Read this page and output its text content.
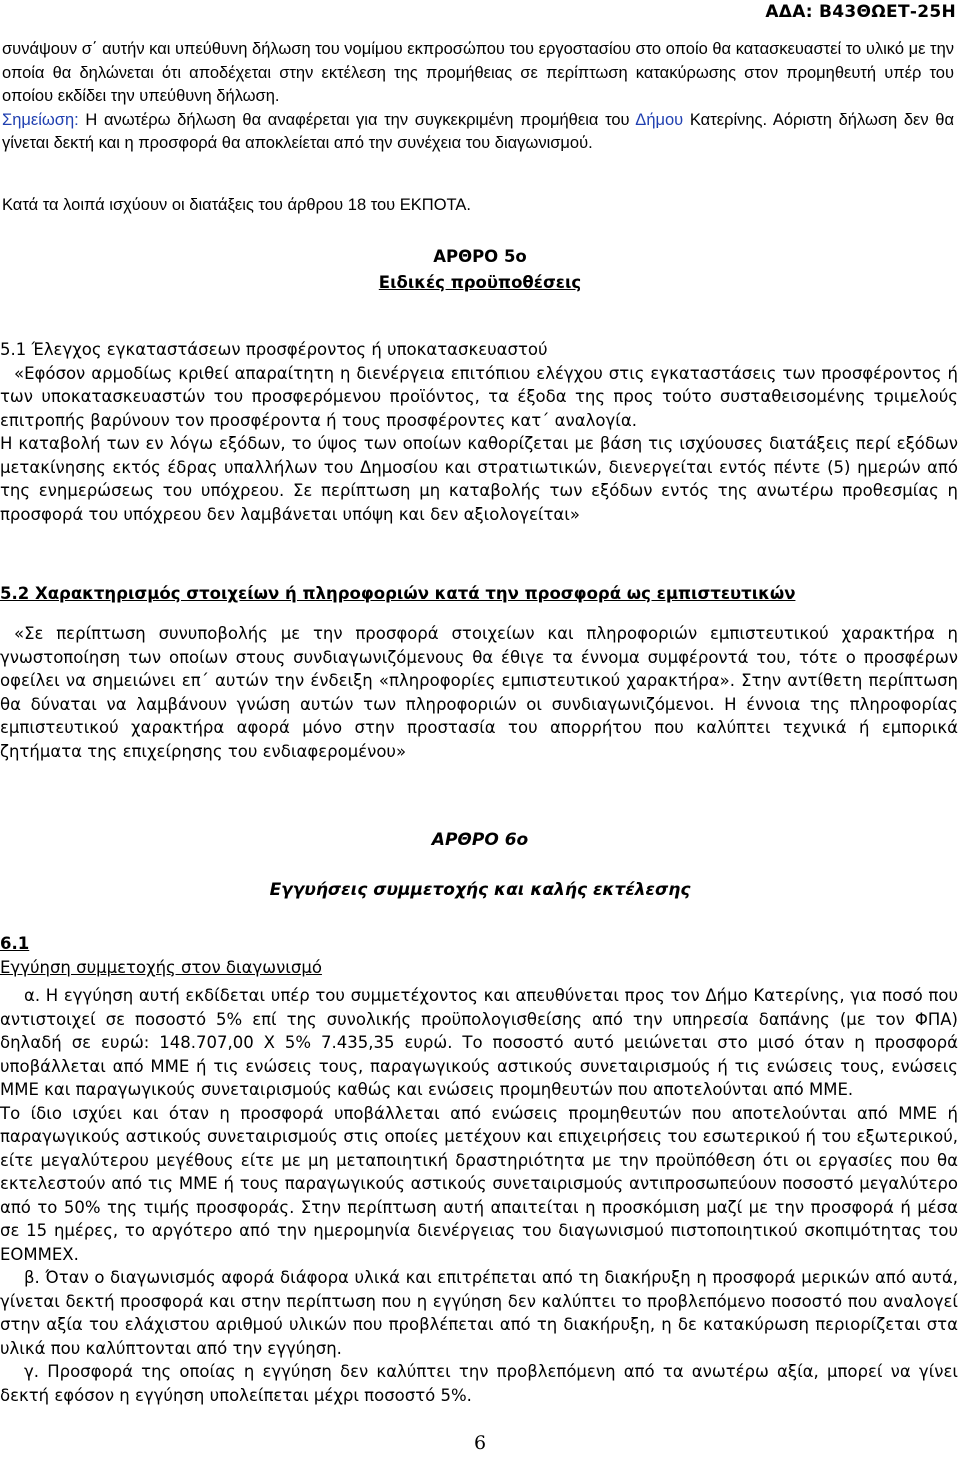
ΑΔΑ: Β43ΘΩΕΤ-25Η

συνάψουν σ΄ αυτήν και υπεύθυνη δήλωση του νομίμου εκπροσώπου του εργοστασίου στο οποίο θα κατασκευαστεί το υλικό με την οποία θα δηλώνεται ότι αποδέχεται στην εκτέλεση της προμήθειας σε περίπτωση κατακύρωσης στον προμηθευτή υπέρ του οποίου εκδίδει την υπεύθυνη δήλωση.

Σημείωση: Η ανωτέρω δήλωση θα αναφέρεται για την συγκεκριμένη προμήθεια του Δήμου Κατερίνης. Αόριστη δήλωση δεν θα γίνεται δεκτή και η προσφορά θα αποκλείεται από την συνέχεια του διαγωνισμού.

Κατά τα λοιπά ισχύουν οι διατάξεις του άρθρου 18 του ΕΚΠΟΤΑ.
ΑΡΘΡΟ 5ο
Ειδικές προϋποθέσεις

5.1 Έλεγχος εγκαταστάσεων προσφέροντος ή υποκατασκευαστού

«Εφόσον αρμοδίως κριθεί απαραίτητη η διενέργεια επιτόπιου ελέγχου στις εγκαταστάσεις των προσφέροντος ή των υποκατασκευαστών του προσφερόμενου προϊόντος, τα έξοδα της προς τούτο συσταθεισομένης τριμελούς επιτροπής βαρύνουν τον προσφέροντα ή τους προσφέροντες κατ΄ αναλογία.

Η καταβολή των εν λόγω εξόδων, το ύψος των οποίων καθορίζεται με βάση τις ισχύουσες διατάξεις περί εξόδων μετακίνησης εκτός έδρας υπαλλήλων του Δημοσίου και στρατιωτικών, διενεργείται εντός πέντε (5) ημερών από της ενημερώσεως του υπόχρεου. Σε περίπτωση μη καταβολής των εξόδων εντός της ανωτέρω προθεσμίας η προσφορά του υπόχρεου δεν λαμβάνεται υπόψη και δεν αξιολογείται»

5.2 Χαρακτηρισμός στοιχείων ή πληροφοριών κατά την προσφορά ως εμπιστευτικών

«Σε περίπτωση συνυποβολής με την προσφορά στοιχείων και πληροφοριών εμπιστευτικού χαρακτήρα η γνωστοποίηση των οποίων στους συνδιαγωνιζόμενους θα έθιγε τα έννομα συμφέροντά του, τότε ο προσφέρων οφείλει να σημειώνει επ΄ αυτών την ένδειξη «πληροφορίες εμπιστευτικού χαρακτήρα». Στην αντίθετη περίπτωση θα δύναται να λαμβάνουν γνώση αυτών των πληροφοριών οι συνδιαγωνιζόμενοι. Η έννοια της πληροφορίας εμπιστευτικού χαρακτήρα αφορά μόνο στην προστασία του απορρήτου που καλύπτει τεχνικά ή εμπορικά ζητήματα της επιχείρησης του ενδιαφερομένου»

ΑΡΘΡΟ 6ο
Εγγυήσεις συμμετοχής και καλής εκτέλεσης
6.1
Εγγύηση συμμετοχής στον διαγωνισμό

α. Η εγγύηση αυτή εκδίδεται υπέρ του συμμετέχοντος και απευθύνεται προς τον Δήμο Κατερίνης, για ποσό που αντιστοιχεί σε ποσοστό 5% επί της συνολικής προϋπολογισθείσης από την υπηρεσία δαπάνης (με τον ΦΠΑ) δηλαδή σε ευρώ: 148.707,00 Χ 5% 7.435,35 ευρώ. Το ποσοστό αυτό μειώνεται στο μισό όταν η προσφορά υποβάλλεται από ΜΜΕ ή τις ενώσεις τους, παραγωγικούς αστικούς συνεταιρισμούς ή τις ενώσεις τους, ενώσεις ΜΜΕ και παραγωγικούς συνεταιρισμούς καθώς και ενώσεις προμηθευτών που αποτελούνται από ΜΜΕ.

Το ίδιο ισχύει και όταν η προσφορά υποβάλλεται από ενώσεις προμηθευτών που αποτελούνται από ΜΜΕ ή παραγωγικούς αστικούς συνεταιρισμούς στις οποίες μετέχουν και επιχειρήσεις του εσωτερικού ή του εξωτερικού, είτε μεγαλύτερου μεγέθους είτε με μη μεταποιητική δραστηριότητα με την προϋπόθεση ότι οι εργασίες που θα εκτελεστούν από τις ΜΜΕ ή τους παραγωγικούς αστικούς συνεταιρισμούς αντιπροσωπεύουν ποσοστό μεγαλύτερο από το 50% της τιμής προσφοράς. Στην περίπτωση αυτή απαιτείται η προσκόμιση μαζί με την προσφορά ή μέσα σε 15 ημέρες, το αργότερο από την ημερομηνία διενέργειας του διαγωνισμού πιστοποιητικού σκοπιμότητας του ΕΟΜΜΕΧ.

β. Όταν ο διαγωνισμός αφορά διάφορα υλικά και επιτρέπεται από τη διακήρυξη η προσφορά μερικών από αυτά, γίνεται δεκτή προσφορά και στην περίπτωση που η εγγύηση δεν καλύπτει το προβλεπόμενο ποσοστό που αναλογεί στην αξία του ελάχιστου αριθμού υλικών που προβλέπεται από τη διακήρυξη, η δε κατακύρωση περιορίζεται στα υλικά που καλύπτονται από την εγγύηση.

γ. Προσφορά της οποίας η εγγύηση δεν καλύπτει την προβλεπόμενη από τα ανωτέρω αξία, μπορεί να γίνει δεκτή εφόσον η εγγύηση υπολείπεται μέχρι ποσοστό 5%.

6
